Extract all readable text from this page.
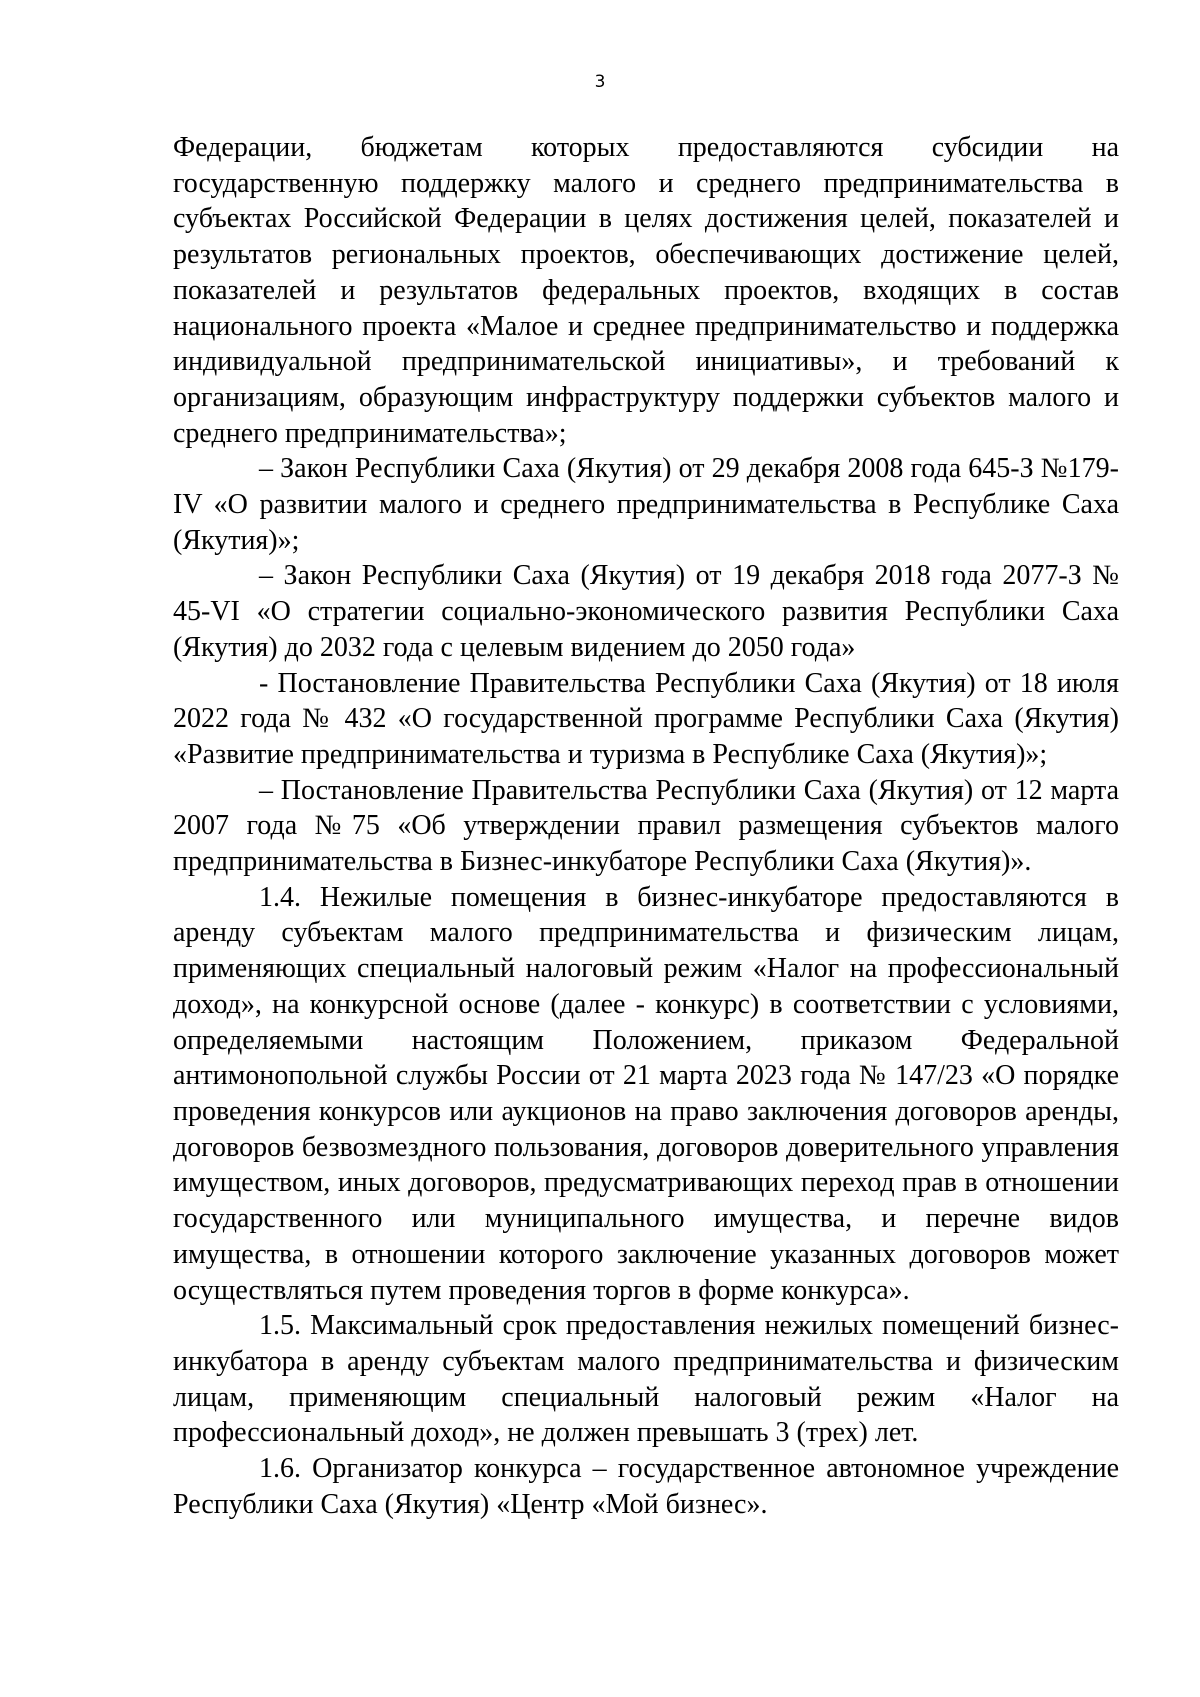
3

Федерации, бюджетам которых предоставляются субсидии на государственную поддержку малого и среднего предпринимательства в субъектах Российской Федерации в целях достижения целей, показателей и результатов региональных проектов, обеспечивающих достижение целей, показателей и результатов федеральных проектов, входящих в состав национального проекта «Малое и среднее предпринимательство и поддержка индивидуальной предпринимательской инициативы», и требований к организациям, образующим инфраструктуру поддержки субъектов малого и среднего предпринимательства»;

– Закон Республики Саха (Якутия) от 29 декабря 2008 года 645-З №179-IV «О развитии малого и среднего предпринимательства в Республике Саха (Якутия)»;

– Закон Республики Саха (Якутия) от 19 декабря 2018 года 2077-З № 45-VI «О стратегии социально-экономического развития Республики Саха (Якутия) до 2032 года с целевым видением до 2050 года»

- Постановление Правительства Республики Саха (Якутия) от 18 июля 2022 года № 432 «О государственной программе Республики Саха (Якутия) «Развитие предпринимательства и туризма в Республике Саха (Якутия)»;

– Постановление Правительства Республики Саха (Якутия) от 12 марта 2007 года №75 «Об утверждении правил размещения субъектов малого предпринимательства в Бизнес-инкубаторе Республики Саха (Якутия)».

1.4. Нежилые помещения в бизнес-инкубаторе предоставляются в аренду субъектам малого предпринимательства и физическим лицам, применяющих специальный налоговый режим «Налог на профессиональный доход», на конкурсной основе (далее - конкурс) в соответствии с условиями, определяемыми настоящим Положением, приказом Федеральной антимонопольной службы России от 21 марта 2023 года № 147/23 «О порядке проведения конкурсов или аукционов на право заключения договоров аренды, договоров безвозмездного пользования, договоров доверительного управления имуществом, иных договоров, предусматривающих переход прав в отношении государственного или муниципального имущества, и перечне видов имущества, в отношении которого заключение указанных договоров может осуществляться путем проведения торгов в форме конкурса».

1.5. Максимальный срок предоставления нежилых помещений бизнес-инкубатора в аренду субъектам малого предпринимательства и физическим лицам, применяющим специальный налоговый режим «Налог на профессиональный доход», не должен превышать 3 (трех) лет.

1.6. Организатор конкурса – государственное автономное учреждение Республики Саха (Якутия) «Центр «Мой бизнес».
